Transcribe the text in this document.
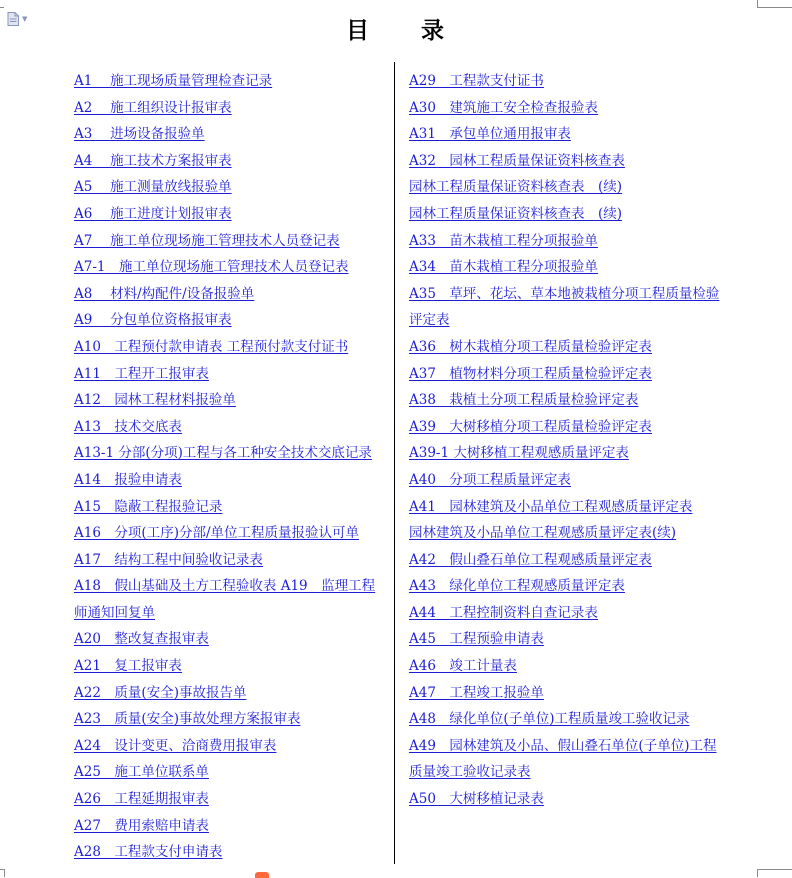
▼	目 录
A1　 施工现场质量管理检查记录
A2　 施工组织设计报审表
A3　 进场设备报验单
A4　 施工技术方案报审表
A5　 施工测量放线报验单
A6　 施工进度计划报审表
A7　 施工单位现场施工管理技术人员登记表
A7-1　施工单位现场施工管理技术人员登记表
A8　 材料/构配件/设备报验单
A9　 分包单位资格报审表
A10　工程预付款申请表 工程预付款支付证书
A11　工程开工报审表
A12　园林工程材料报验单
A13　技术交底表
A13-1 分部(分项)工程与各工种安全技术交底记录
A14　报验申请表
A15　隐蔽工程报验记录
A16　分项(工序)分部/单位工程质量报验认可单
A17　结构工程中间验收记录表
A18　假山基础及土方工程验收表 A19　监理工程师通知回复单
A20　整改复查报审表
A21　复工报审表
A22　质量(安全)事故报告单
A23　质量(安全)事故处理方案报审表
A24　设计变更、洽商费用报审表
A25　施工单位联系单
A26　工程延期报审表
A27　费用索赔申请表
A28　工程款支付申请表
A29　工程款支付证书
A30　建筑施工安全检查报验表
A31　承包单位通用报审表
A32　园林工程质量保证资料核查表
园林工程质量保证资料核查表　(续)
园林工程质量保证资料核查表　(续)
A33　苗木栽植工程分项报验单
A34　苗木栽植工程分项报验单
A35　草坪、花坛、草本地被栽植分项工程质量检验评定表
A36　树木栽植分项工程质量检验评定表
A37　植物材料分项工程质量检验评定表
A38　栽植土分项工程质量检验评定表
A39　大树移植分项工程质量检验评定表
A39-1 大树移植工程观感质量评定表
A40　分项工程质量评定表
A41　园林建筑及小品单位工程观感质量评定表
园林建筑及小品单位工程观感质量评定表(续)
A42　假山叠石单位工程观感质量评定表
A43　绿化单位工程观感质量评定表
A44　工程控制资料自查记录表
A45　工程预验申请表
A46　竣工计量表
A47　工程竣工报验单
A48　绿化单位(子单位)工程质量竣工验收记录
A49　园林建筑及小品、假山叠石单位(子单位)工程质量竣工验收记录表
A50　大树移植记录表
